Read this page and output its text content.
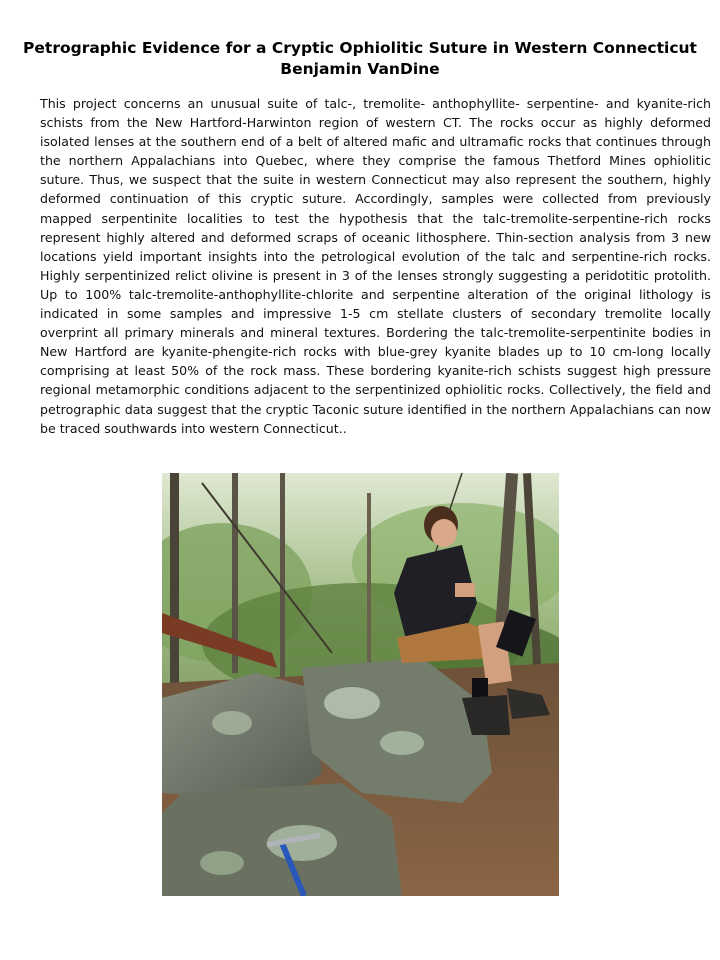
Petrographic Evidence for a Cryptic Ophiolitic Suture in Western Connecticut
Benjamin VanDine
This project concerns an unusual suite of talc-, tremolite- anthophyllite- serpentine- and kyanite-rich schists from the New Hartford-Harwinton region of western CT. The rocks occur as highly deformed isolated lenses at the southern end of a belt of altered mafic and ultramafic rocks that continues through the northern Appalachians into Quebec, where they comprise the famous Thetford Mines ophiolitic suture. Thus, we suspect that the suite in western Connecticut may also represent the southern, highly deformed continuation of this cryptic suture. Accordingly, samples were collected from previously mapped serpentinite localities to test the hypothesis that the talc-tremolite-serpentine-rich rocks represent highly altered and deformed scraps of oceanic lithosphere. Thin-section analysis from 3 new locations yield important insights into the petrological evolution of the talc and serpentine-rich rocks. Highly serpentinized relict olivine is present in 3 of the lenses strongly suggesting a peridotitic protolith. Up to 100% talc-tremolite-anthophyllite-chlorite and serpentine alteration of the original lithology is indicated in some samples and impressive 1-5 cm stellate clusters of secondary tremolite locally overprint all primary minerals and mineral textures. Bordering the talc-tremolite-serpentinite bodies in New Hartford are kyanite-phengite-rich rocks with blue-grey kyanite blades up to 10 cm-long locally comprising at least 50% of the rock mass. These bordering kyanite-rich schists suggest high pressure regional metamorphic conditions adjacent to the serpentinized ophiolitic rocks. Collectively, the field and petrographic data suggest that the cryptic Taconic suture identified in the northern Appalachians can now be traced southwards into western Connecticut..
